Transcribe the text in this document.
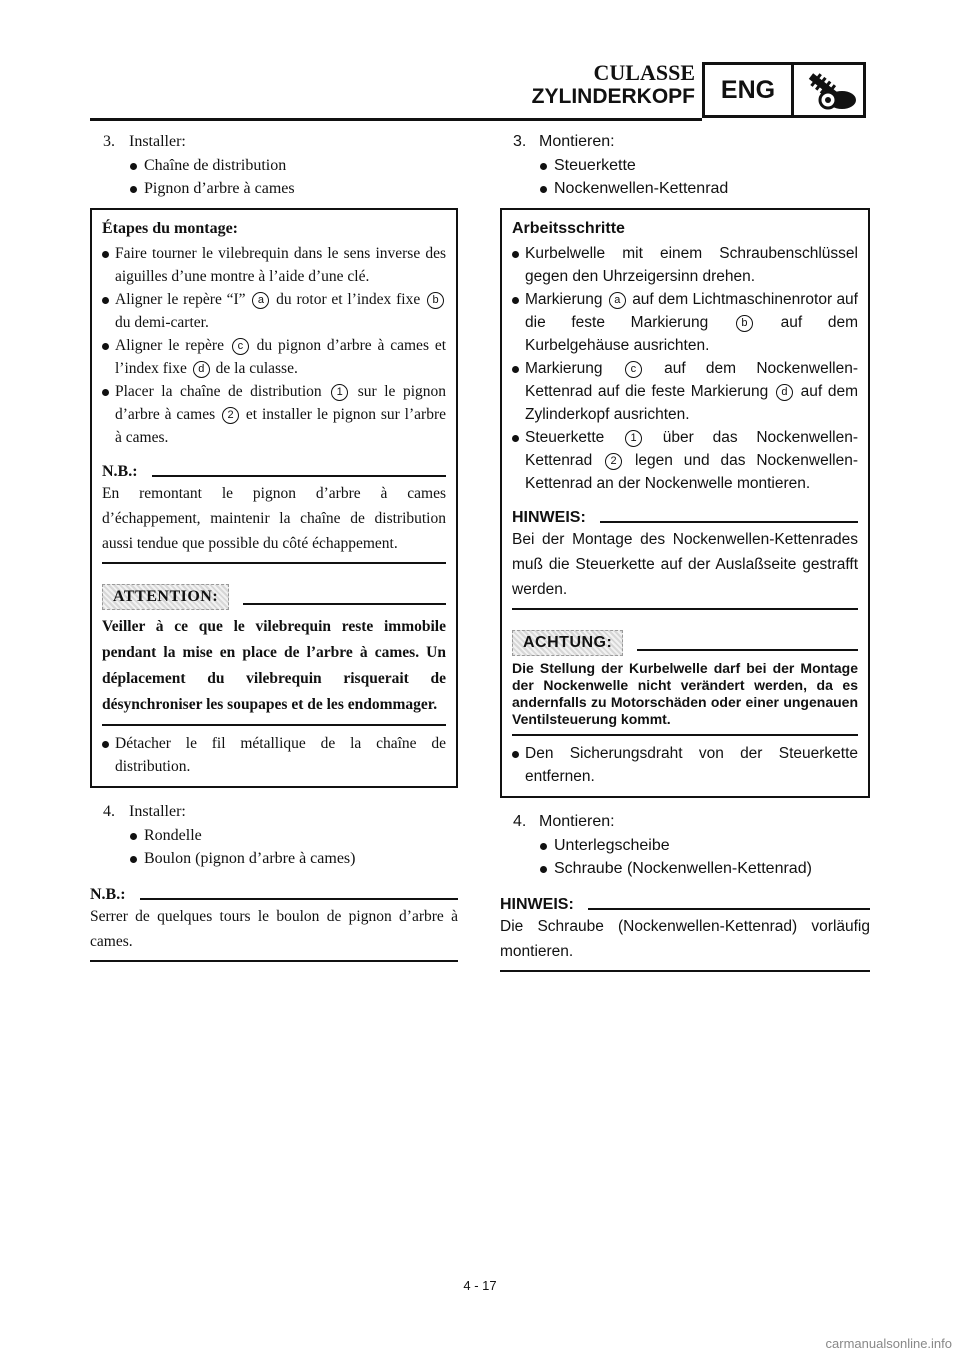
CULASSE
ZYLINDERKOPF	ENG
3. Installer:
Chaîne de distribution
Pignon d’arbre à cames
Étapes du montage:
Faire tourner le vilebrequin dans le sens inverse des aiguilles d’une montre à l’aide d’une clé.
Aligner le repère “I” a du rotor et l’index fixe b du demi-carter.
Aligner le repère c du pignon d’arbre à cames et l’index fixe d de la culasse.
Placer la chaîne de distribution 1 sur le pignon d’arbre à cames 2 et installer le pignon sur l’arbre à cames.
N.B.:
En remontant le pignon d’arbre à cames d’échappement, maintenir la chaîne de distribution aussi tendue que possible du côté échappement.
ATTENTION:
Veiller à ce que le vilebrequin reste immobile pendant la mise en place de l’arbre à cames. Un déplacement du vilebrequin risquerait de désynchroniser les soupapes et de les endommager.
Détacher le fil métallique de la chaîne de distribution.
4. Installer:
Rondelle
Boulon (pignon d’arbre à cames)
N.B.:
Serrer de quelques tours le boulon de pignon d’arbre à cames.
3. Montieren:
Steuerkette
Nockenwellen-Kettenrad
Arbeitsschritte
Kurbelwelle mit einem Schraubenschlüssel gegen den Uhrzeigersinn drehen.
Markierung a auf dem Lichtmaschinenrotor auf die feste Markierung b auf dem Kurbelgehäuse ausrichten.
Markierung c auf dem Nockenwellen-Kettenrad auf die feste Markierung d auf dem Zylinderkopf ausrichten.
Steuerkette 1 über das Nockenwellen-Kettenrad 2 legen und das Nockenwellen-Kettenrad an der Nockenwelle montieren.
HINWEIS:
Bei der Montage des Nockenwellen-Kettenrades muß die Steuerkette auf der Auslaßseite gestrafft werden.
ACHTUNG:
Die Stellung der Kurbelwelle darf bei der Montage der Nockenwelle nicht verändert werden, da es andernfalls zu Motorschäden oder einer ungenauen Ventilsteuerung kommt.
Den Sicherungsdraht von der Steuerkette entfernen.
4. Montieren:
Unterlegscheibe
Schraube (Nockenwellen-Kettenrad)
HINWEIS:
Die Schraube (Nockenwellen-Kettenrad) vorläufig montieren.
4 - 17
carmanualsonline.info
